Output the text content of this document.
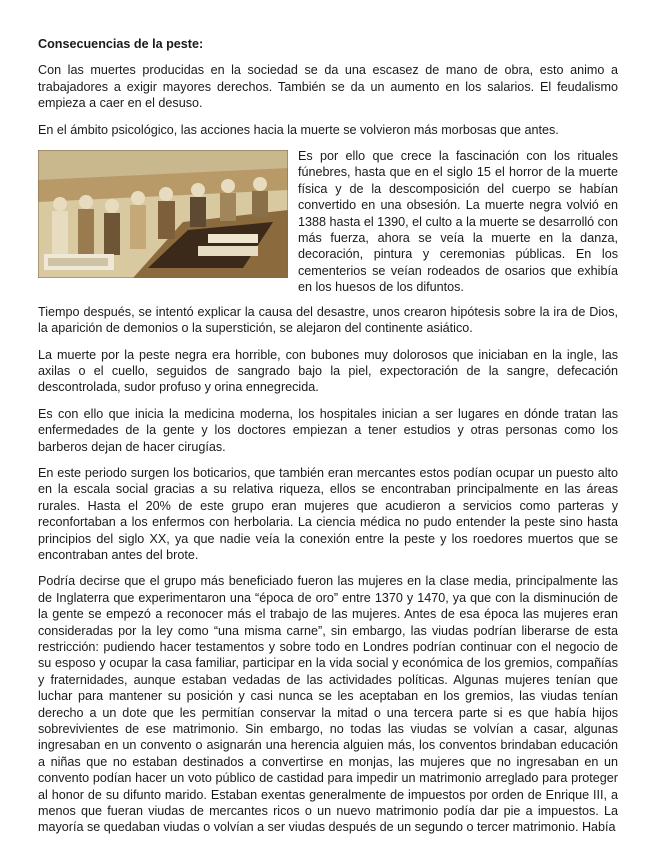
Consecuencias de la peste:

Con las muertes producidas en la sociedad se da una escasez de mano de obra, esto animo a trabajadores a exigir mayores derechos. También se da un aumento en los salarios. El feudalismo empieza a caer en el desuso.

En el ámbito psicológico, las acciones hacia la muerte se volvieron más morbosas que antes.

Es por ello que crece la fascinación con los rituales fúnebres, hasta que en el siglo 15 el horror de la muerte física y de la descomposición del cuerpo se habían convertido en una obsesión. La muerte negra volvió en 1388 hasta el 1390, el culto a la muerte se desarrolló con más fuerza, ahora se veía la muerte en la danza, decoración, pintura y ceremonias públicas. En los cementerios se veían rodeados de osarios que exhibía en los huesos de los difuntos.

Tiempo después, se intentó explicar la causa del desastre, unos crearon hipótesis sobre la ira de Dios, la aparición de demonios o la superstición, se alejaron del continente asiático.

La muerte por la peste negra era horrible, con bubones muy dolorosos que iniciaban en la ingle, las axilas o el cuello, seguidos de sangrado bajo la piel, expectoración de la sangre, defecación descontrolada, sudor profuso y orina ennegrecida.

Es con ello que inicia la medicina moderna, los hospitales inician a ser lugares en dónde tratan las enfermedades de la gente y los doctores empiezan a tener estudios y otras personas como los barberos dejan de hacer cirugías.

En este periodo surgen los boticarios, que también eran mercantes estos podían ocupar un puesto alto en la escala social gracias a su relativa riqueza, ellos se encontraban principalmente en las áreas rurales. Hasta el 20% de este grupo eran mujeres que acudieron a servicios como parteras y reconfortaban a los enfermos con herbolaria. La ciencia médica no pudo entender la peste sino hasta principios del siglo XX, ya que nadie veía la conexión entre la peste y los roedores muertos que se encontraban antes del brote.

Podría decirse que el grupo más beneficiado fueron las mujeres en la clase media, principalmente las de Inglaterra que experimentaron una “época de oro” entre 1370 y 1470, ya que con la disminución de la gente se empezó a reconocer más el trabajo de las mujeres. Antes de esa época las mujeres eran consideradas por la ley como “una misma carne”, sin embargo, las viudas podrían liberarse de esta restricción: pudiendo hacer testamentos y sobre todo en Londres podrían continuar con el negocio de su esposo y ocupar la casa familiar, participar en la vida social y económica de los gremios, compañías y fraternidades, aunque estaban vedadas de las actividades políticas. Algunas mujeres tenían que luchar para mantener su posición y casi nunca se les aceptaban en los gremios, las viudas tenían derecho a un dote que les permitían conservar la mitad o una tercera parte si es que había hijos sobrevivientes de ese matrimonio. Sin embargo, no todas las viudas se volvían a casar, algunas ingresaban en un convento o asignarán una herencia alguien más, los conventos brindaban educación a niñas que no estaban destinados a convertirse en monjas, las mujeres que no ingresaban en un convento podían hacer un voto público de castidad para impedir un matrimonio arreglado para proteger al honor de su difunto marido. Estaban exentas generalmente de impuestos por orden de Enrique III, a menos que fueran viudas de mercantes ricos o un nuevo matrimonio podía dar pie a impuestos. La mayoría se quedaban viudas o volvían a ser viudas después de un segundo o tercer matrimonio. Había
